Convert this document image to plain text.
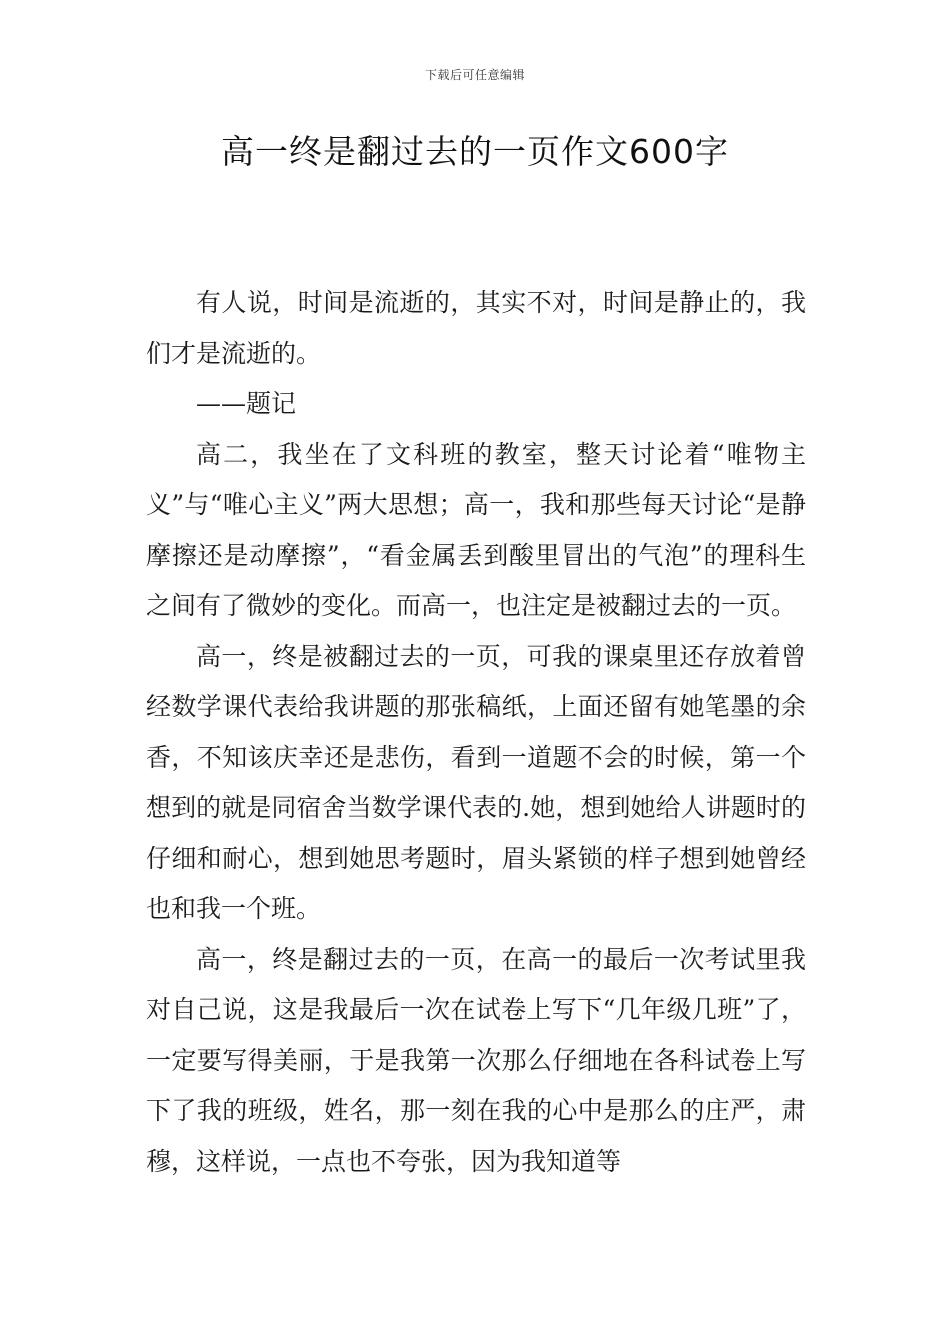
下载后可任意编辑
高一终是翻过去的一页作文600字

有人说，时间是流逝的，其实不对，时间是静止的，我们才是流逝的。

——题记

高二，我坐在了文科班的教室，整天讨论着“唯物主义”与“唯心主义”两大思想；高一，我和那些每天讨论“是静摩擦还是动摩擦”，“看金属丢到酸里冒出的气泡”的理科生之间有了微妙的变化。而高一，也注定是被翻过去的一页。

高一，终是被翻过去的一页，可我的课桌里还存放着曾经数学课代表给我讲题的那张稿纸，上面还留有她笔墨的余香，不知该庆幸还是悲伤，看到一道题不会的时候，第一个想到的就是同宿舍当数学课代表的.她，想到她给人讲题时的仔细和耐心，想到她思考题时，眉头紧锁的样子想到她曾经也和我一个班。

高一，终是翻过去的一页，在高一的最后一次考试里我对自己说，这是我最后一次在试卷上写下“几年级几班”了，一定要写得美丽，于是我第一次那么仔细地在各科试卷上写下了我的班级，姓名，那一刻在我的心中是那么的庄严，肃穆，这样说，一点也不夸张，因为我知道等
